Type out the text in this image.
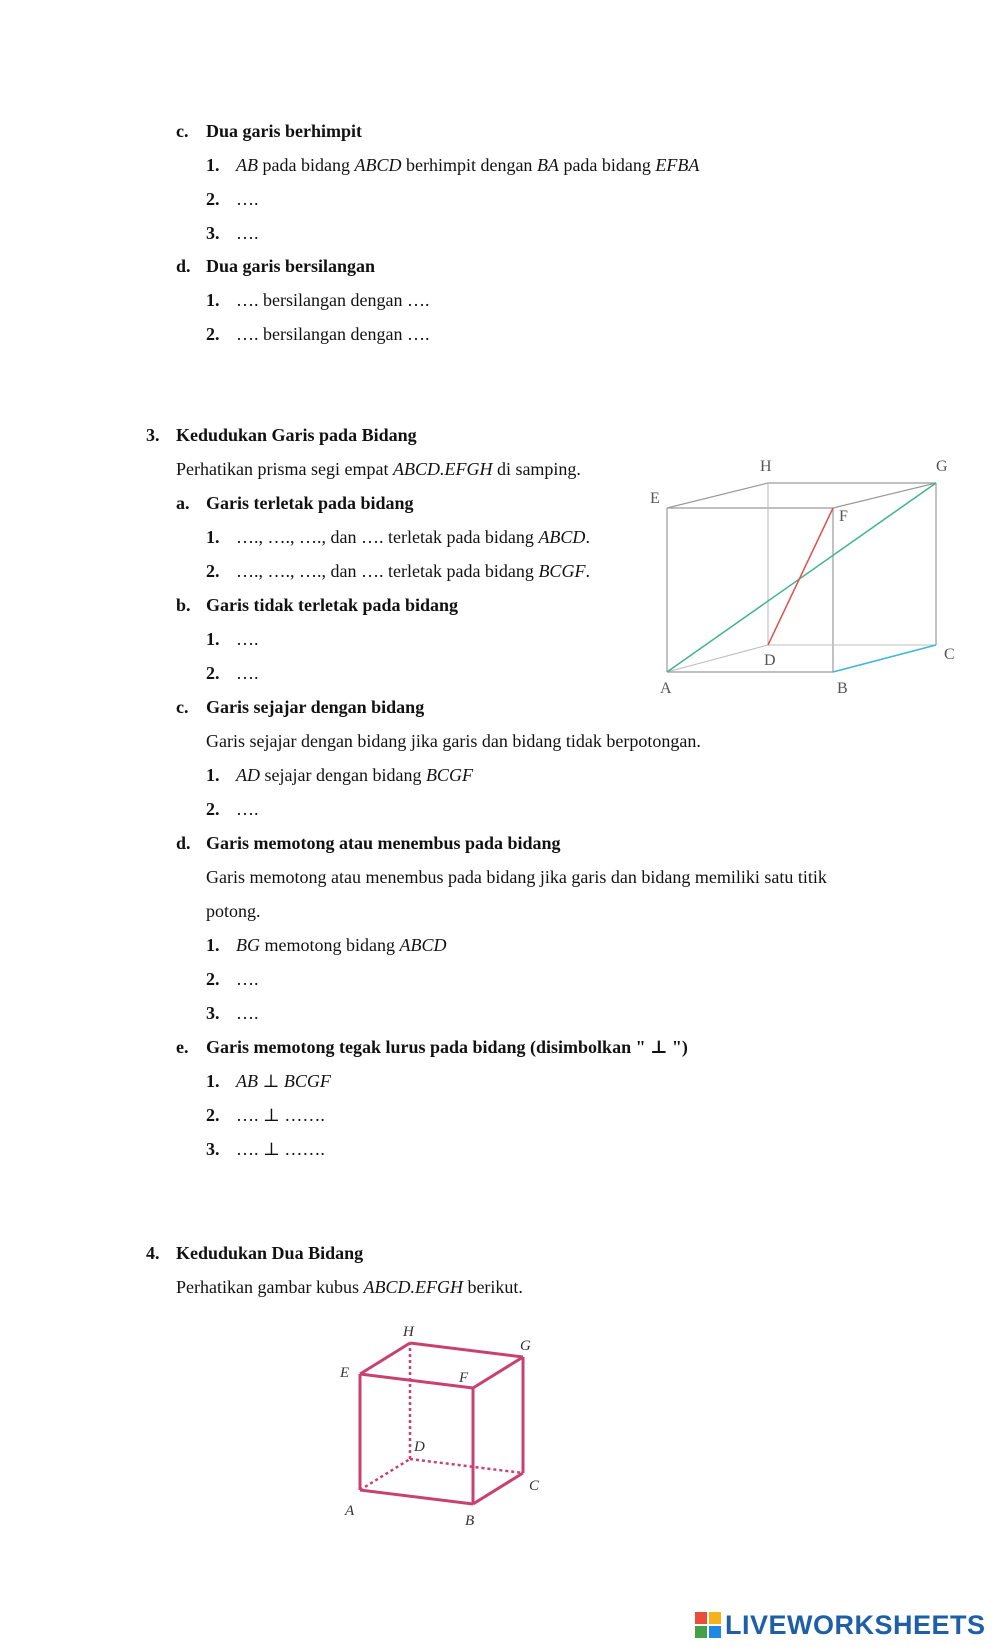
c. Dua garis berhimpit
1. AB pada bidang ABCD berhimpit dengan BA pada bidang EFBA
2. ….
3. ….
d. Dua garis bersilangan
1. …. bersilangan dengan ….
2. …. bersilangan dengan ….
3. Kedudukan Garis pada Bidang
Perhatikan prisma segi empat ABCD.EFGH di samping.
a. Garis terletak pada bidang
1. …., …., …., dan …. terletak pada bidang ABCD.
2. …., …., …., dan …. terletak pada bidang BCGF.
b. Garis tidak terletak pada bidang
1. ….
2. ….
c. Garis sejajar dengan bidang
Garis sejajar dengan bidang jika garis dan bidang tidak berpotongan.
1. AD sejajar dengan bidang BCGF
2. ….
d. Garis memotong atau menembus pada bidang
Garis memotong atau menembus pada bidang jika garis dan bidang memiliki satu titik
potong.
1. BG memotong bidang ABCD
2. ….
3. ….
e. Garis memotong tegak lurus pada bidang (disimbolkan " ⊥ ")
1. AB ⊥ BCGF
2. …. ⊥ …….
3. …. ⊥ …….
A	B
C
D
E
F
G
H
4. Kedudukan Dua Bidang
Perhatikan gambar kubus ABCD.EFGH berikut.
A
B
C
D
E	F
G
H
LIVEWORKSHEETS
